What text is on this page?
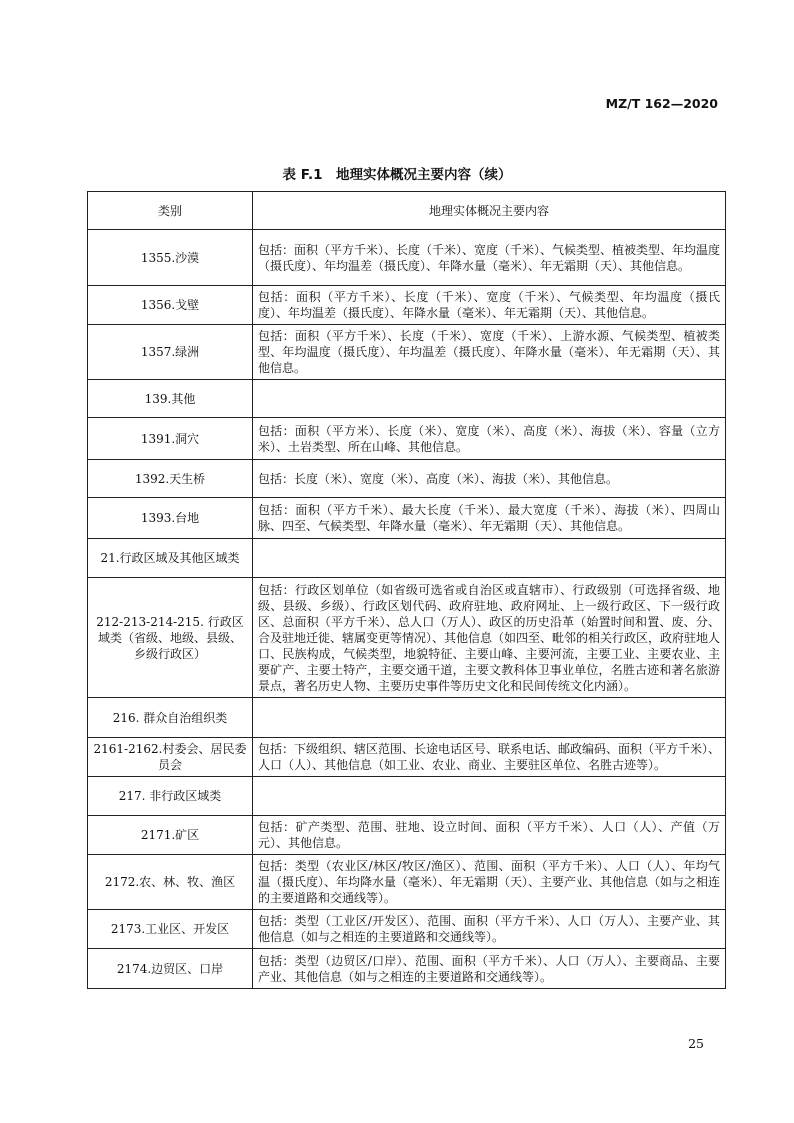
MZ/T 162—2020
表 F.1　地理实体概况主要内容（续）
类别	地理实体概况主要内容
1355.沙漠	包括：面积（平方千米）、长度（千米）、宽度（千米）、气候类型、植被类型、年均温度（摄氏度）、年均温差（摄氏度）、年降水量（毫米）、年无霜期（天）、其他信息。
1356.戈壁	包括：面积（平方千米）、长度（千米）、宽度（千米）、气候类型、年均温度（摄氏度）、年均温差（摄氏度）、年降水量（毫米）、年无霜期（天）、其他信息。
1357.绿洲	包括：面积（平方千米）、长度（千米）、宽度（千米）、上游水源、气候类型、植被类型、年均温度（摄氏度）、年均温差（摄氏度）、年降水量（毫米）、年无霜期（天）、其他信息。
139.其他	
1391.洞穴	包括：面积（平方米）、长度（米）、宽度（米）、高度（米）、海拔（米）、容量（立方米）、土岩类型、所在山峰、其他信息。
1392.天生桥	包括：长度（米）、宽度（米）、高度（米）、海拔（米）、其他信息。
1393.台地	包括：面积（平方千米）、最大长度（千米）、最大宽度（千米）、海拔（米）、四周山脉、四至、气候类型、年降水量（毫米）、年无霜期（天）、其他信息。
21.行政区域及其他区域类	
212-213-214-215. 行政区域类（省级、地级、县级、乡级行政区）	包括：行政区划单位（如省级可选省或自治区或直辖市）、行政级别（可选择省级、地级、县级、乡级）、行政区划代码、政府驻地、政府网址、上一级行政区、下一级行政区、总面积（平方千米）、总人口（万人）、政区的历史沿革（始置时间和置、废、分、合及驻地迁徙、辖属变更等情况）、其他信息（如四至、毗邻的相关行政区，政府驻地人口、民族构成，气候类型，地貌特征、主要山峰、主要河流，主要工业、主要农业、主要矿产、主要土特产，主要交通干道，主要文教科体卫事业单位，名胜古迹和著名旅游景点，著名历史人物、主要历史事件等历史文化和民间传统文化内涵）。
216. 群众自治组织类	
2161-2162.村委会、居民委员会	包括：下级组织、辖区范围、长途电话区号、联系电话、邮政编码、面积（平方千米）、人口（人）、其他信息（如工业、农业、商业、主要驻区单位、名胜古迹等）。
217. 非行政区域类	
2171.矿区	包括：矿产类型、范围、驻地、设立时间、面积（平方千米）、人口（人）、产值（万元）、其他信息。
2172.农、林、牧、渔区	包括：类型（农业区/林区/牧区/渔区）、范围、面积（平方千米）、人口（人）、年均气温（摄氏度）、年均降水量（毫米）、年无霜期（天）、主要产业、其他信息（如与之相连的主要道路和交通线等）。
2173.工业区、开发区	包括：类型（工业区/开发区）、范围、面积（平方千米）、人口（万人）、主要产业、其他信息（如与之相连的主要道路和交通线等）。
2174.边贸区、口岸	包括：类型（边贸区/口岸）、范围、面积（平方千米）、人口（万人）、主要商品、主要产业、其他信息（如与之相连的主要道路和交通线等）。
25
